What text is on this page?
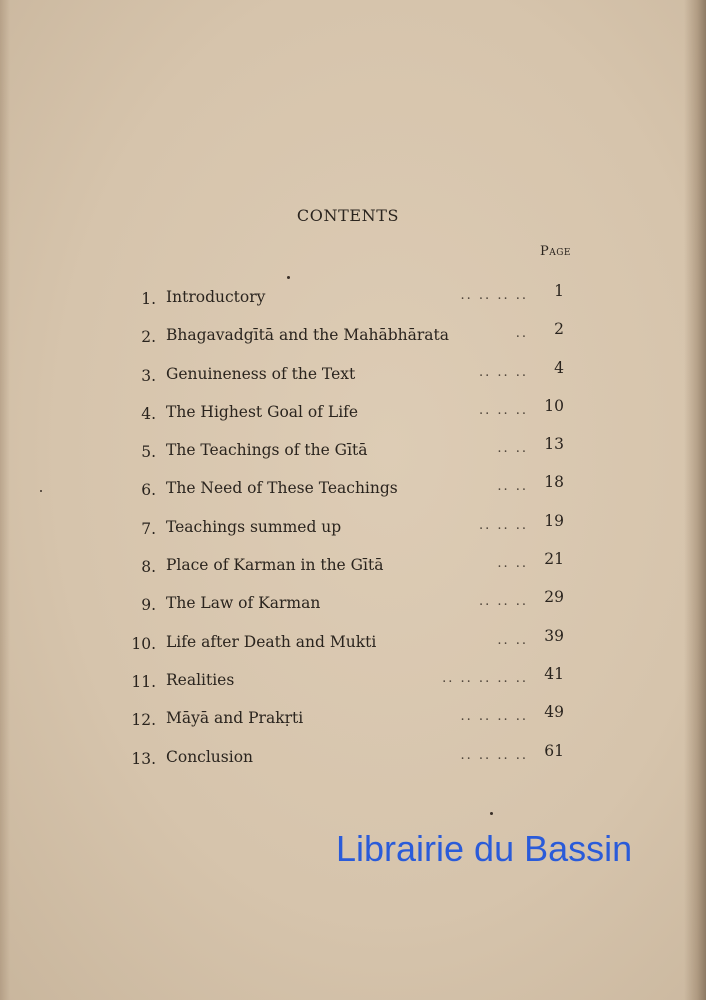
CONTENTS
Page
1. Introductory	.. .. .. ..	1
2. Bhagavadgītā and the Mahābhārata	..	2
3. Genuineness of the Text	.. .. ..	4
4. The Highest Goal of Life	.. .. ..	10
5. The Teachings of the Gītā	.. ..	13
6. The Need of These Teachings	.. ..	18
7. Teachings summed up	.. .. ..	19
8. Place of Karman in the Gītā	.. ..	21
9. The Law of Karman	.. .. ..	29
10. Life after Death and Mukti	.. ..	39
11. Realities	.. .. .. .. ..	41
12. Māyā and Prakṛti	.. .. .. ..	49
13. Conclusion	.. .. .. ..	61
Librairie du Bassin
